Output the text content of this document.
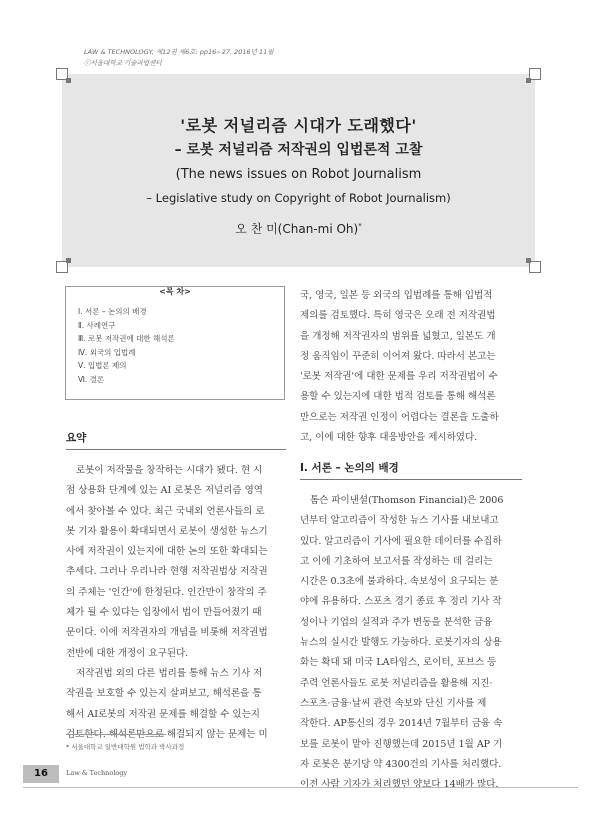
LAW & TECHNOLOGY, 제12권 제6호: pp16~27, 2016년 11월
ⓒ서울대학교 기술과법센터
'로봇 저널리즘 시대가 도래했다'
– 로봇 저널리즘 저작권의 입법론적 고찰
(The news issues on Robot Journalism
– Legislative study on Copyright of Robot Journalism)
오 찬 미(Chan-mi Oh)*
<목 차>
Ⅰ. 서론 – 논의의 배경
Ⅱ. 사례연구
Ⅲ. 로봇 저작권에 대한 해석론
Ⅳ. 외국의 입법례
Ⅴ. 입법론 제의
Ⅵ. 결론
요약
로봇이 저작물을 창작하는 시대가 됐다. 현 시
점 상용화 단계에 있는 AI 로봇은 저널리즘 영역
에서 찾아볼 수 있다. 최근 국내외 언론사들의 로
봇 기자 활용이 확대되면서 로봇이 생성한 뉴스기
사에 저작권이 있는지에 대한 논의 또한 확대되는
추세다. 그러나 우리나라 현행 저작권법상 저작권
의 주체는 '인간'에 한정된다. 인간만이 창작의 주
체가 될 수 있다는 입장에서 법이 만들어졌기 때
문이다. 이에 저작권자의 개념을 비롯해 저작권법
전반에 대한 개정이 요구된다.
저작권법 외의 다른 법리를 통해 뉴스 기사 저
작권을 보호할 수 있는지 살펴보고, 해석론을 통
해서 AI로봇의 저작권 문제를 해결할 수 있는지
검토한다. 해석론만으로 해결되지 않는 문제는 미
국, 영국, 일본 등 외국의 입법례를 통해 입법적
제의를 검토했다. 특히 영국은 오래 전 저작권법
을 개정해 저작권자의 범위를 넓혔고, 일본도 개
정 움직임이 꾸준히 이어져 왔다. 따라서 본고는
'로봇 저작권'에 대한 문제를 우리 저작권법이 수
용할 수 있는지에 대한 법적 검토를 통해 해석론
만으로는 저작권 인정이 어렵다는 결론을 도출하
고, 이에 대한 향후 대응방안을 제시하였다.
Ⅰ. 서론 – 논의의 배경
톰슨 파이낸셜(Thomson Financial)은 2006
년부터 알고리즘이 작성한 뉴스 기사를 내보내고
있다. 알고리즘이 기사에 필요한 데이터를 수집하
고 이에 기초하여 보고서를 작성하는 데 걸리는
시간은 0.3초에 불과하다. 속보성이 요구되는 분
야에 유용하다. 스포츠 경기 종료 후 정리 기사 작
성이나 기업의 실적과 주가 변동을 분석한 금융
뉴스의 실시간 발행도 가능하다. 로봇기자의 상용
화는 확대 돼 미국 LA타임스, 로이터, 포브스 등
주력 언론사들도 로봇 저널리즘을 활용해 지진·
스포츠·금융·날씨 관련 속보와 단신 기사를 제
작한다. AP통신의 경우 2014년 7월부터 금융 속
보를 로봇이 맡아 진행했는데 2015년 1월 AP 기
자 로봇은 분기당 약 4300건의 기사를 처리했다.
이전 사람 기자가 처리했던 양보다 14배가 많다.
* 서울대학교 일반대학원 법학과 박사과정
16	Law & Technology
